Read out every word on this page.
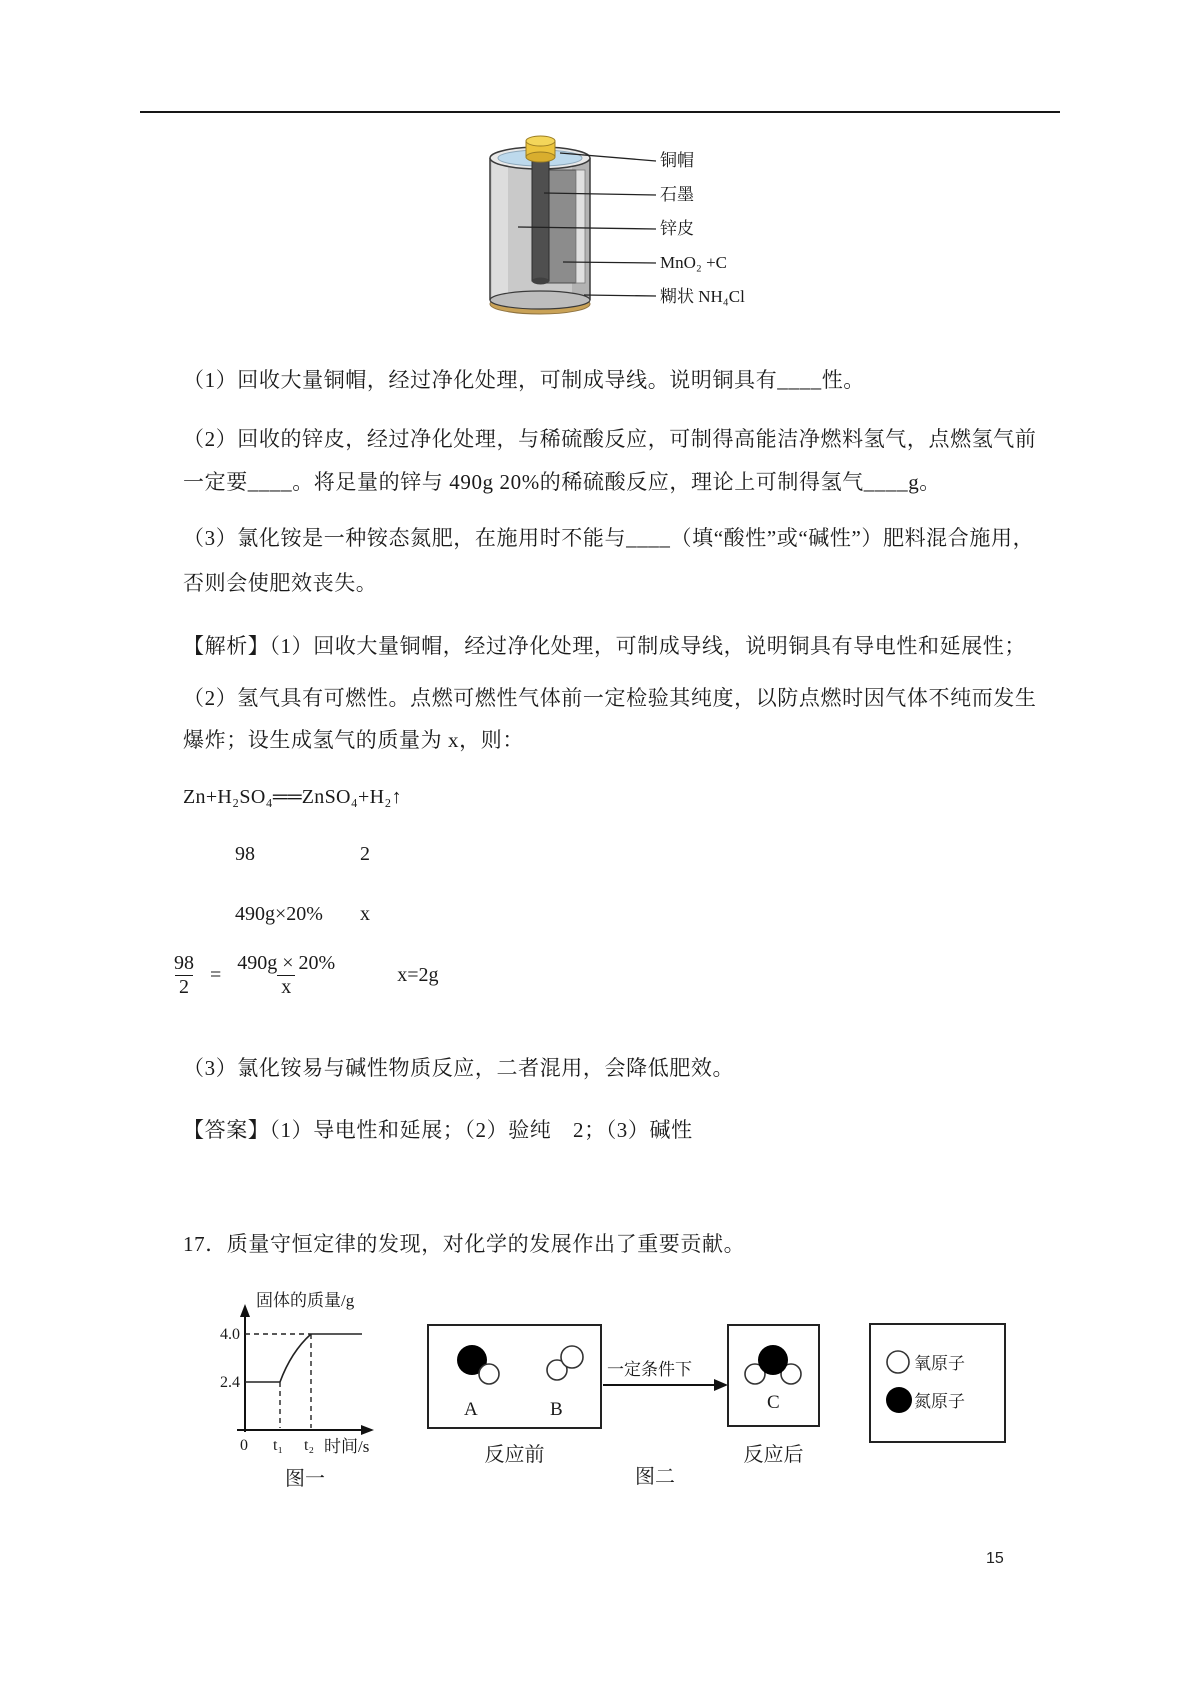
铜帽
石墨
锌皮
MnO₂ +C
糊状 NH₄Cl
（1）回收大量铜帽，经过净化处理，可制成导线。说明铜具有____性。
（2）回收的锌皮，经过净化处理，与稀硫酸反应，可制得高能洁净燃料氢气，点燃氢气前
一定要____。将足量的锌与 490g 20%的稀硫酸反应，理论上可制得氢气____g。
（3）氯化铵是一种铵态氮肥，在施用时不能与____（填“酸性”或“碱性”）肥料混合施用，
否则会使肥效丧失。
【解析】（1）回收大量铜帽，经过净化处理，可制成导线，说明铜具有导电性和延展性；
（2）氢气具有可燃性。点燃可燃性气体前一定检验其纯度，以防点燃时因气体不纯而发生
爆炸；设生成氢气的质量为 x，则：
Zn+H₂SO₄══ZnSO₄+H₂↑
98	2
490g×20% x
$\frac{98}{2} = \frac{490g \times 20\%}{x}$	x=2g
（3）氯化铵易与碱性物质反应，二者混用，会降低肥效。
【答案】（1）导电性和延展；（2）验纯　2；（3）碱性
17．质量守恒定律的发现，对化学的发展作出了重要贡献。
固体的质量/g
4.0
2.4
0 t₁ t₂ 时间/s
A	B
一定条件下
C
氧原子
氮原子
反应前	反应后
图一	图二
15
